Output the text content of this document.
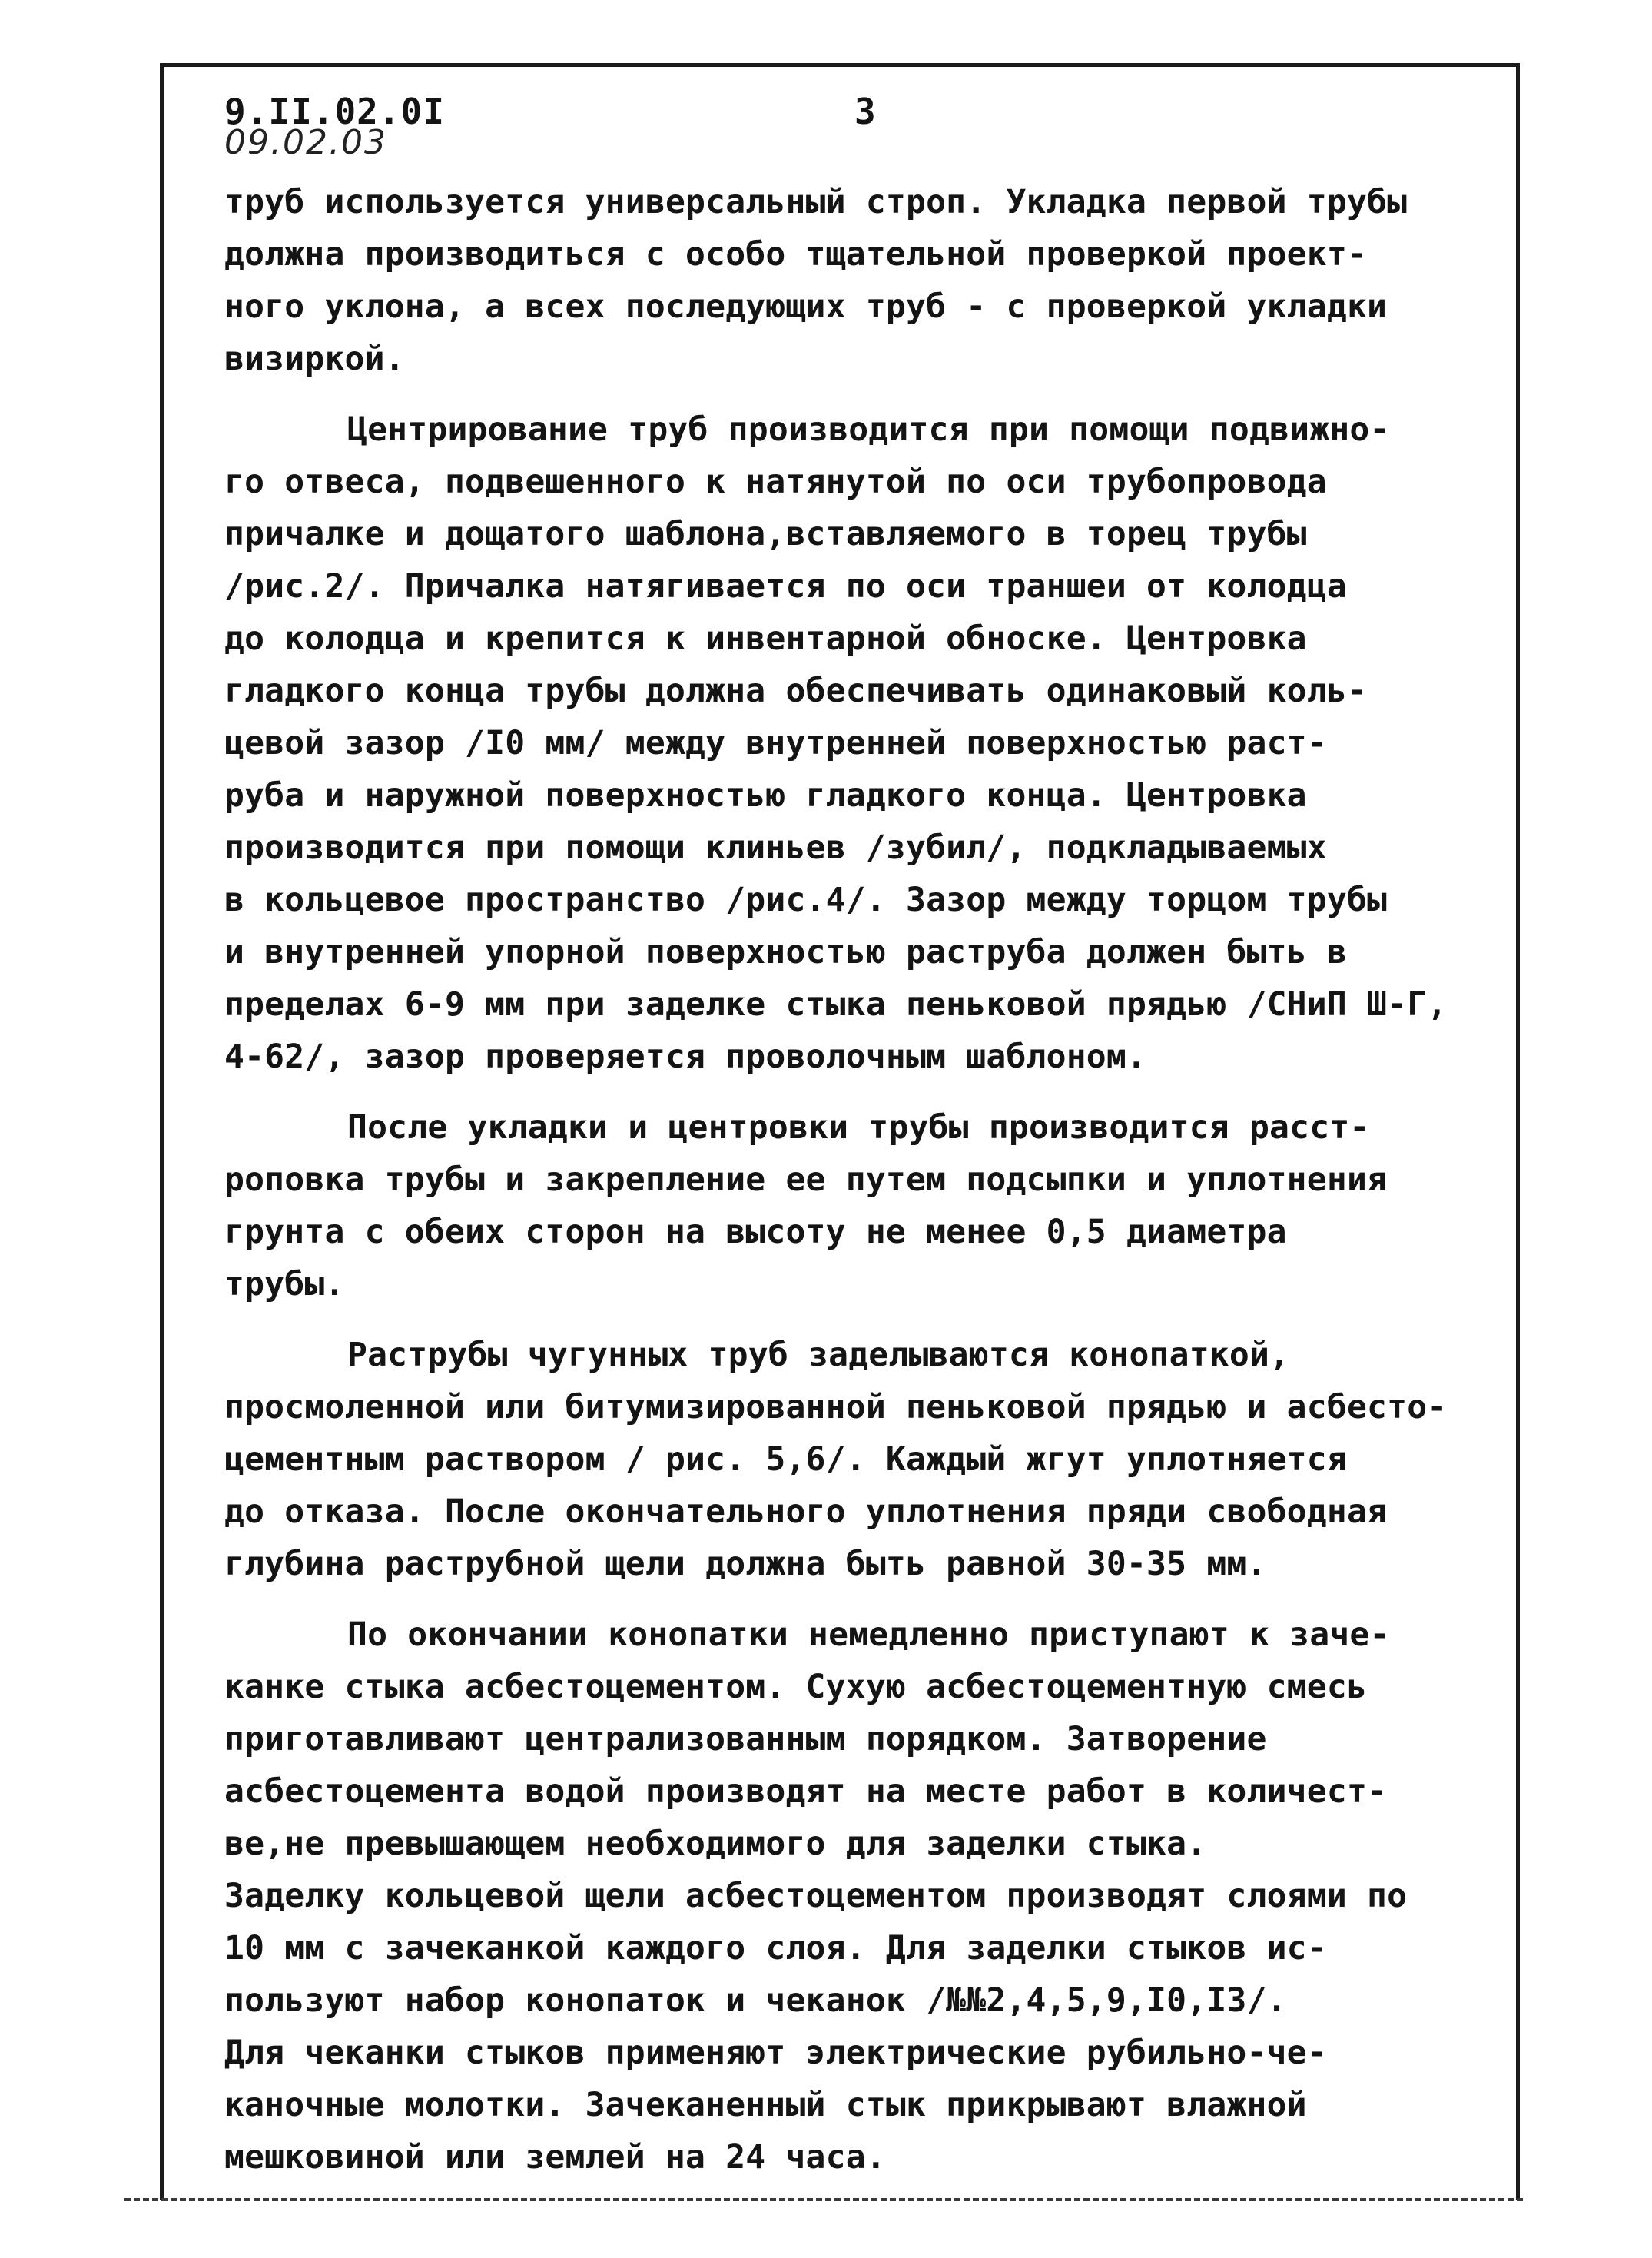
9.II.02.0I
09.02.03
3
труб используется универсальный строп. Укладка первой трубы
должна производиться с особо тщательной проверкой проект-
ного уклона, а всех последующих труб - с проверкой укладки
визиркой.
Центрирование труб производится при помощи подвижно-
го отвеса, подвешенного к натянутой по оси трубопровода
причалке и дощатого шаблона,вставляемого в торец трубы
/рис.2/. Причалка натягивается по оси траншеи от колодца
до колодца и крепится к инвентарной обноске. Центровка
гладкого конца трубы должна обеспечивать одинаковый коль-
цевой зазор /I0 мм/ между внутренней поверхностью раст-
руба и наружной поверхностью гладкого конца. Центровка
производится при помощи клиньев /зубил/, подкладываемых
в кольцевое пространство /рис.4/. Зазор между торцом трубы
и внутренней упорной поверхностью раструба должен быть в
пределах 6-9 мм при заделке стыка пеньковой прядью /СНиП Ш-Г,
4-62/, зазор проверяется проволочным шаблоном.
После укладки и центровки трубы производится расст-
роповка трубы и закрепление ее путем подсыпки и уплотнения
грунта с обеих сторон на высоту не менее 0,5 диаметра
трубы.
Раструбы чугунных труб заделываются конопаткой,
просмоленной или битумизированной пеньковой прядью и асбесто-
цементным раствором / рис. 5,6/. Каждый жгут уплотняется
до отказа. После окончательного уплотнения пряди свободная
глубина раструбной щели должна быть равной 30-35 мм.
По окончании конопатки немедленно приступают к заче-
канке стыка асбестоцементом. Сухую асбестоцементную смесь
приготавливают централизованным порядком. Затворение
асбестоцемента водой производят на месте работ в количест-
ве,не превышающем необходимого для заделки стыка.
Заделку кольцевой щели асбестоцементом производят слоями по
10 мм с зачеканкой каждого слоя. Для заделки стыков ис-
пользуют набор конопаток и чеканок /№№2,4,5,9,I0,I3/.
Для чеканки стыков применяют электрические рубильно-че-
каночные молотки. Зачеканенный стык прикрывают влажной
мешковиной или землей на 24 часа.
